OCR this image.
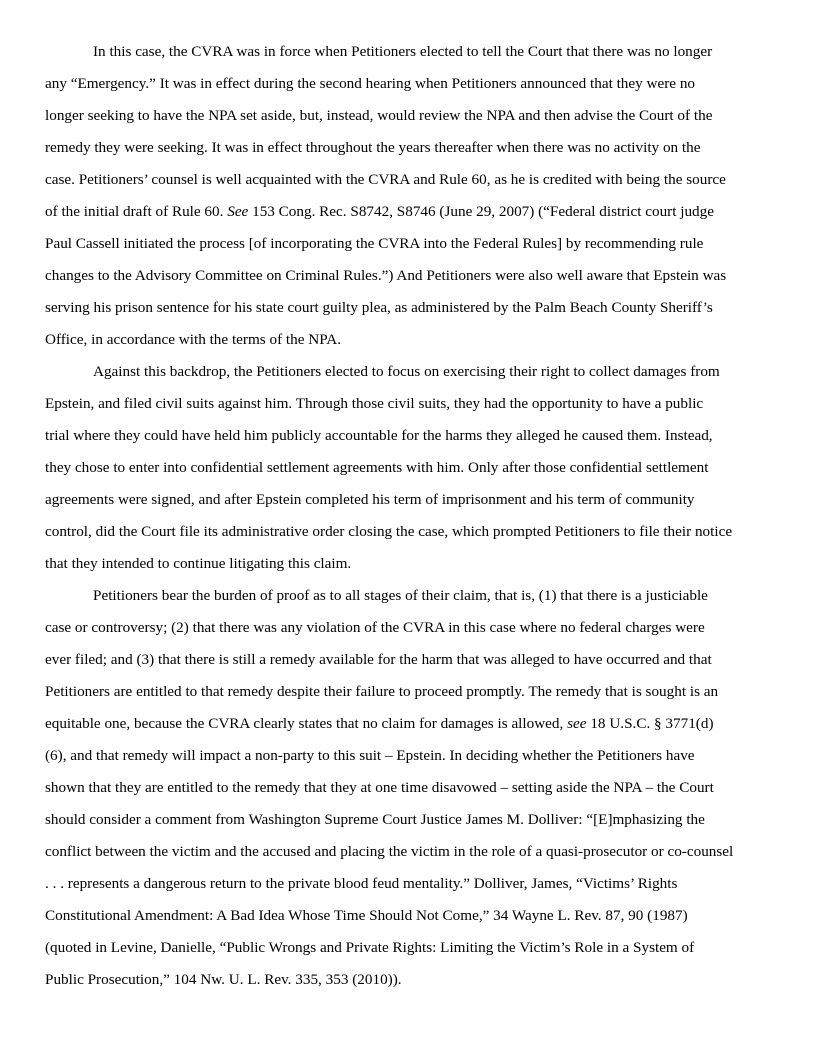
In this case, the CVRA was in force when Petitioners elected to tell the Court that there was no longer
any “Emergency.” It was in effect during the second hearing when Petitioners announced that they were no
longer seeking to have the NPA set aside, but, instead, would review the NPA and then advise the Court of the
remedy they were seeking. It was in effect throughout the years thereafter when there was no activity on the
case. Petitioners’ counsel is well acquainted with the CVRA and Rule 60, as he is credited with being the source
of the initial draft of Rule 60. See 153 Cong. Rec. S8742, S8746 (June 29, 2007) (“Federal district court judge
Paul Cassell initiated the process [of incorporating the CVRA into the Federal Rules] by recommending rule
changes to the Advisory Committee on Criminal Rules.”) And Petitioners were also well aware that Epstein was
serving his prison sentence for his state court guilty plea, as administered by the Palm Beach County Sheriff’s
Office, in accordance with the terms of the NPA.
Against this backdrop, the Petitioners elected to focus on exercising their right to collect damages from
Epstein, and filed civil suits against him. Through those civil suits, they had the opportunity to have a public
trial where they could have held him publicly accountable for the harms they alleged he caused them. Instead,
they chose to enter into confidential settlement agreements with him. Only after those confidential settlement
agreements were signed, and after Epstein completed his term of imprisonment and his term of community
control, did the Court file its administrative order closing the case, which prompted Petitioners to file their notice
that they intended to continue litigating this claim.
Petitioners bear the burden of proof as to all stages of their claim, that is, (1) that there is a justiciable
case or controversy; (2) that there was any violation of the CVRA in this case where no federal charges were
ever filed; and (3) that there is still a remedy available for the harm that was alleged to have occurred and that
Petitioners are entitled to that remedy despite their failure to proceed promptly. The remedy that is sought is an
equitable one, because the CVRA clearly states that no claim for damages is allowed, see 18 U.S.C. § 3771(d)
(6), and that remedy will impact a non-party to this suit – Epstein. In deciding whether the Petitioners have
shown that they are entitled to the remedy that they at one time disavowed – setting aside the NPA – the Court
should consider a comment from Washington Supreme Court Justice James M. Dolliver: “[E]mphasizing the
conflict between the victim and the accused and placing the victim in the role of a quasi-prosecutor or co-counsel
. . . represents a dangerous return to the private blood feud mentality.” Dolliver, James, “Victims’ Rights
Constitutional Amendment: A Bad Idea Whose Time Should Not Come,” 34 Wayne L. Rev. 87, 90 (1987)
(quoted in Levine, Danielle, “Public Wrongs and Private Rights: Limiting the Victim’s Role in a System of
Public Prosecution,” 104 Nw. U. L. Rev. 335, 353 (2010)).
